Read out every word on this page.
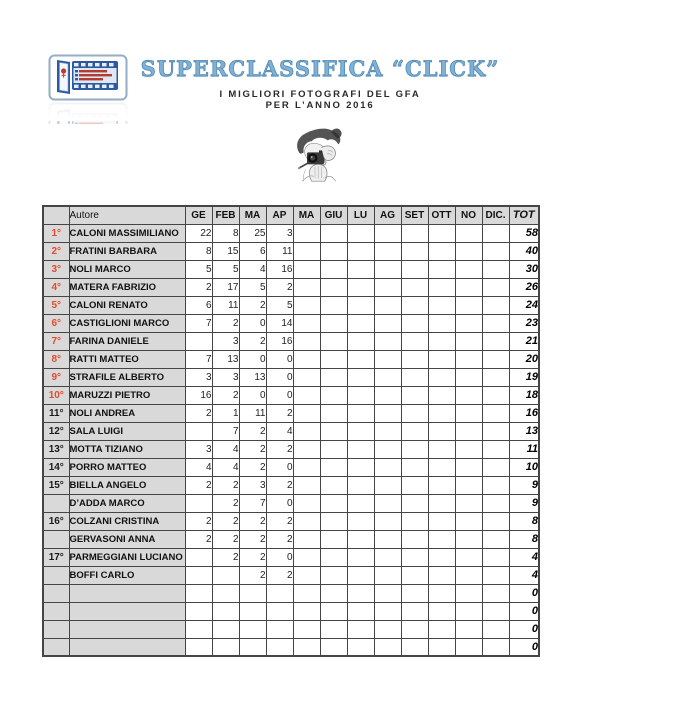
SUPERCLASSIFICA “CLICK”
I MIGLIORI FOTOGRAFI DEL GFA
PER L’ANNO 2016
	Autore	GE	FEB	MA	AP	MA	GIU	LU	AG	SET	OTT	NO	DIC.	TOT
1°	CALONI MASSIMILIANO	22	8	25	3									58
2°	FRATINI BARBARA	8	15	6	11									40
3°	NOLI MARCO	5	5	4	16									30
4°	MATERA FABRIZIO	2	17	5	2									26
5°	CALONI RENATO	6	11	2	5									24
6°	CASTIGLIONI MARCO	7	2	0	14									23
7°	FARINA DANIELE		3	2	16									21
8°	RATTI MATTEO	7	13	0	0									20
9°	STRAFILE ALBERTO	3	3	13	0									19
10°	MARUZZI PIETRO	16	2	0	0									18
11°	NOLI ANDREA	2	1	11	2									16
12°	SALA LUIGI		7	2	4									13
13°	MOTTA TIZIANO	3	4	2	2									11
14°	PORRO MATTEO	4	4	2	0									10
15°	BIELLA ANGELO	2	2	3	2									9
	D’ADDA MARCO		2	7	0									9
16°	COLZANI CRISTINA	2	2	2	2									8
	GERVASONI ANNA	2	2	2	2									8
17°	PARMEGGIANI LUCIANO		2	2	0									4
	BOFFI CARLO			2	2									4
														0
														0
														0
														0
